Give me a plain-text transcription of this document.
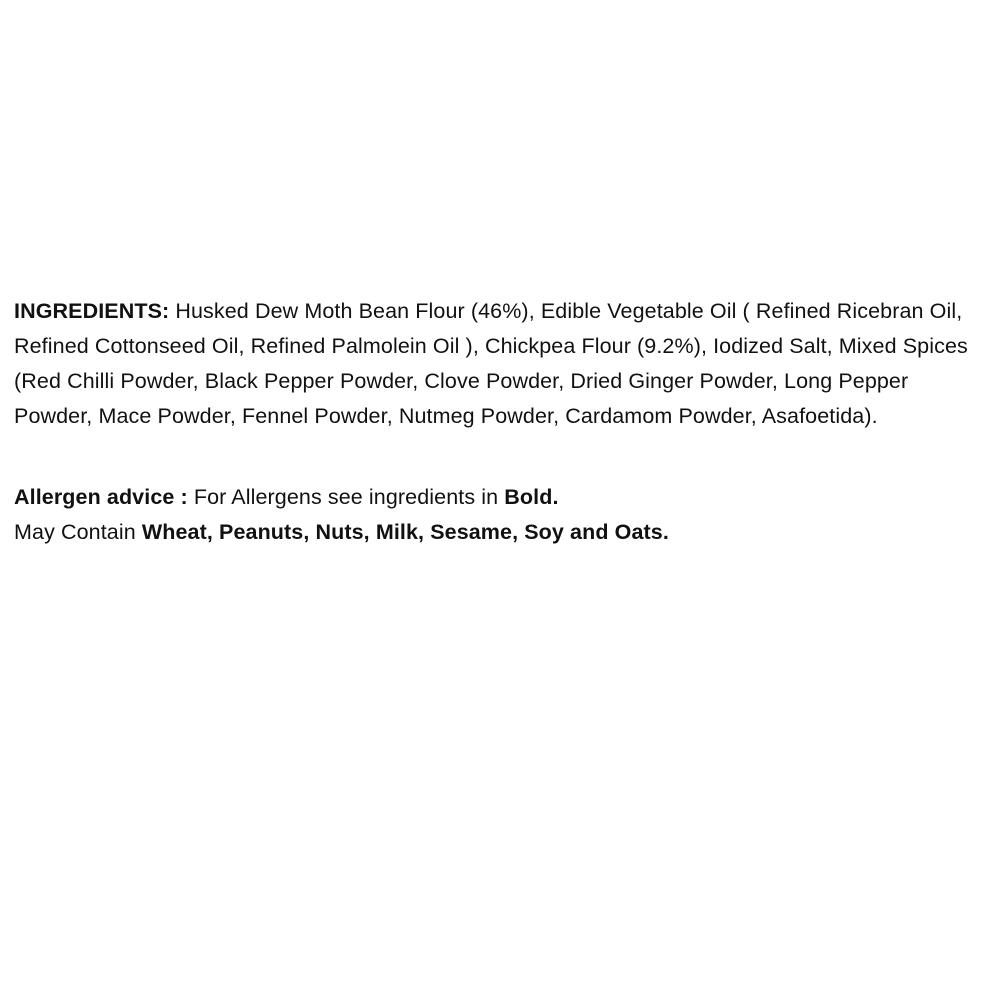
INGREDIENTS: Husked Dew Moth Bean Flour (46%), Edible Vegetable Oil ( Refined Ricebran Oil, Refined Cottonseed Oil, Refined Palmolein Oil ), Chickpea Flour (9.2%), Iodized Salt, Mixed Spices (Red Chilli Powder, Black Pepper Powder, Clove Powder, Dried Ginger Powder, Long Pepper Powder, Mace Powder, Fennel Powder, Nutmeg Powder, Cardamom Powder, Asafoetida).

Allergen advice : For Allergens see ingredients in Bold.
May Contain Wheat, Peanuts, Nuts, Milk, Sesame, Soy and Oats.
